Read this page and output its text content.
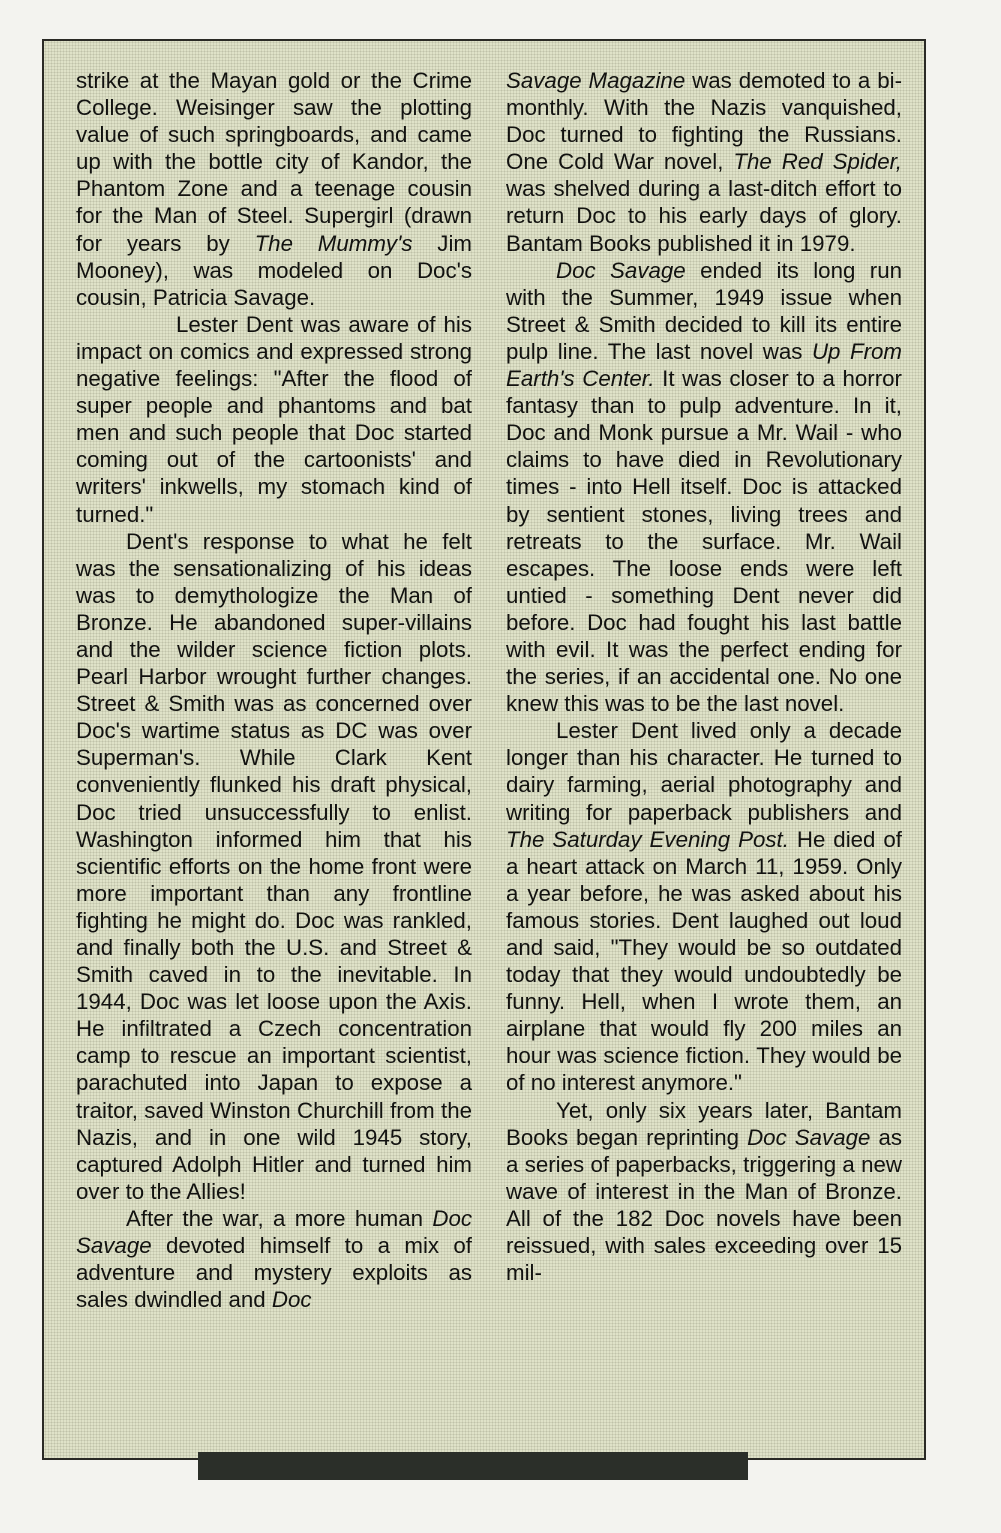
strike at the Mayan gold or the Crime College. Weisinger saw the plotting value of such springboards, and came up with the bottle city of Kandor, the Phantom Zone and a teenage cousin for the Man of Steel. Supergirl (drawn for years by The Mummy's Jim Mooney), was modeled on Doc's cousin, Patricia Savage.

Lester Dent was aware of his impact on comics and expressed strong negative feelings: "After the flood of super people and phantoms and bat men and such people that Doc started coming out of the cartoonists' and writers' inkwells, my stomach kind of turned."

Dent's response to what he felt was the sensationalizing of his ideas was to demythologize the Man of Bronze. He abandoned super-villains and the wilder science fiction plots. Pearl Harbor wrought further changes. Street & Smith was as concerned over Doc's wartime status as DC was over Superman's. While Clark Kent conveniently flunked his draft physical, Doc tried unsuccessfully to enlist. Washington informed him that his scientific efforts on the home front were more important than any frontline fighting he might do. Doc was rankled, and finally both the U.S. and Street & Smith caved in to the inevitable. In 1944, Doc was let loose upon the Axis. He infiltrated a Czech concentration camp to rescue an important scientist, parachuted into Japan to expose a traitor, saved Winston Churchill from the Nazis, and in one wild 1945 story, captured Adolph Hitler and turned him over to the Allies!

After the war, a more human Doc Savage devoted himself to a mix of adventure and mystery exploits as sales dwindled and Doc

Savage Magazine was demoted to a bi-monthly. With the Nazis vanquished, Doc turned to fighting the Russians. One Cold War novel, The Red Spider, was shelved during a last-ditch effort to return Doc to his early days of glory. Bantam Books published it in 1979.

Doc Savage ended its long run with the Summer, 1949 issue when Street & Smith decided to kill its entire pulp line. The last novel was Up From Earth's Center. It was closer to a horror fantasy than to pulp adventure. In it, Doc and Monk pursue a Mr. Wail - who claims to have died in Revolutionary times - into Hell itself. Doc is attacked by sentient stones, living trees and retreats to the surface. Mr. Wail escapes. The loose ends were left untied - something Dent never did before. Doc had fought his last battle with evil. It was the perfect ending for the series, if an accidental one. No one knew this was to be the last novel.

Lester Dent lived only a decade longer than his character. He turned to dairy farming, aerial photography and writing for paperback publishers and The Saturday Evening Post. He died of a heart attack on March 11, 1959. Only a year before, he was asked about his famous stories. Dent laughed out loud and said, "They would be so outdated today that they would undoubtedly be funny. Hell, when I wrote them, an airplane that would fly 200 miles an hour was science fiction. They would be of no interest anymore."

Yet, only six years later, Bantam Books began reprinting Doc Savage as a series of paperbacks, triggering a new wave of interest in the Man of Bronze. All of the 182 Doc novels have been reissued, with sales exceeding over 15 mil-
